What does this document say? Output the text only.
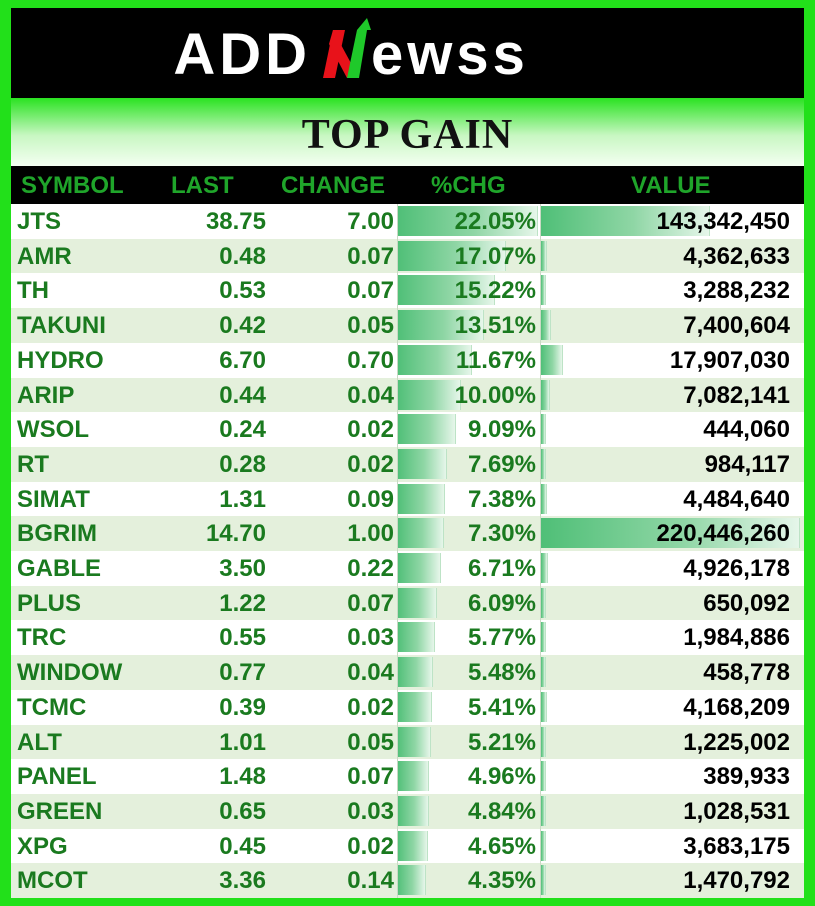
ADD ewss
TOP GAIN
SYMBOL LAST CHANGE %CHG	VALUE
JTS	38.75	7.00	22.05%	143,342,450
AMR	0.48	0.07	17.07%	4,362,633
TH	0.53	0.07	15.22%	3,288,232
TAKUNI	0.42	0.05	13.51%	7,400,604
HYDRO	6.70	0.70	11.67%	17,907,030
ARIP	0.44	0.04	10.00%	7,082,141
WSOL	0.24	0.02	9.09%	444,060
RT	0.28	0.02	7.69%	984,117
SIMAT	1.31	0.09	7.38%	4,484,640
BGRIM	14.70	1.00	7.30%	220,446,260
GABLE	3.50	0.22	6.71%	4,926,178
PLUS	1.22	0.07	6.09%	650,092
TRC	0.55	0.03	5.77%	1,984,886
WINDOW	0.77	0.04	5.48%	458,778
TCMC	0.39	0.02	5.41%	4,168,209
ALT	1.01	0.05	5.21%	1,225,002
PANEL	1.48	0.07	4.96%	389,933
GREEN	0.65	0.03	4.84%	1,028,531
XPG	0.45	0.02	4.65%	3,683,175
MCOT	3.36	0.14	4.35%	1,470,792
